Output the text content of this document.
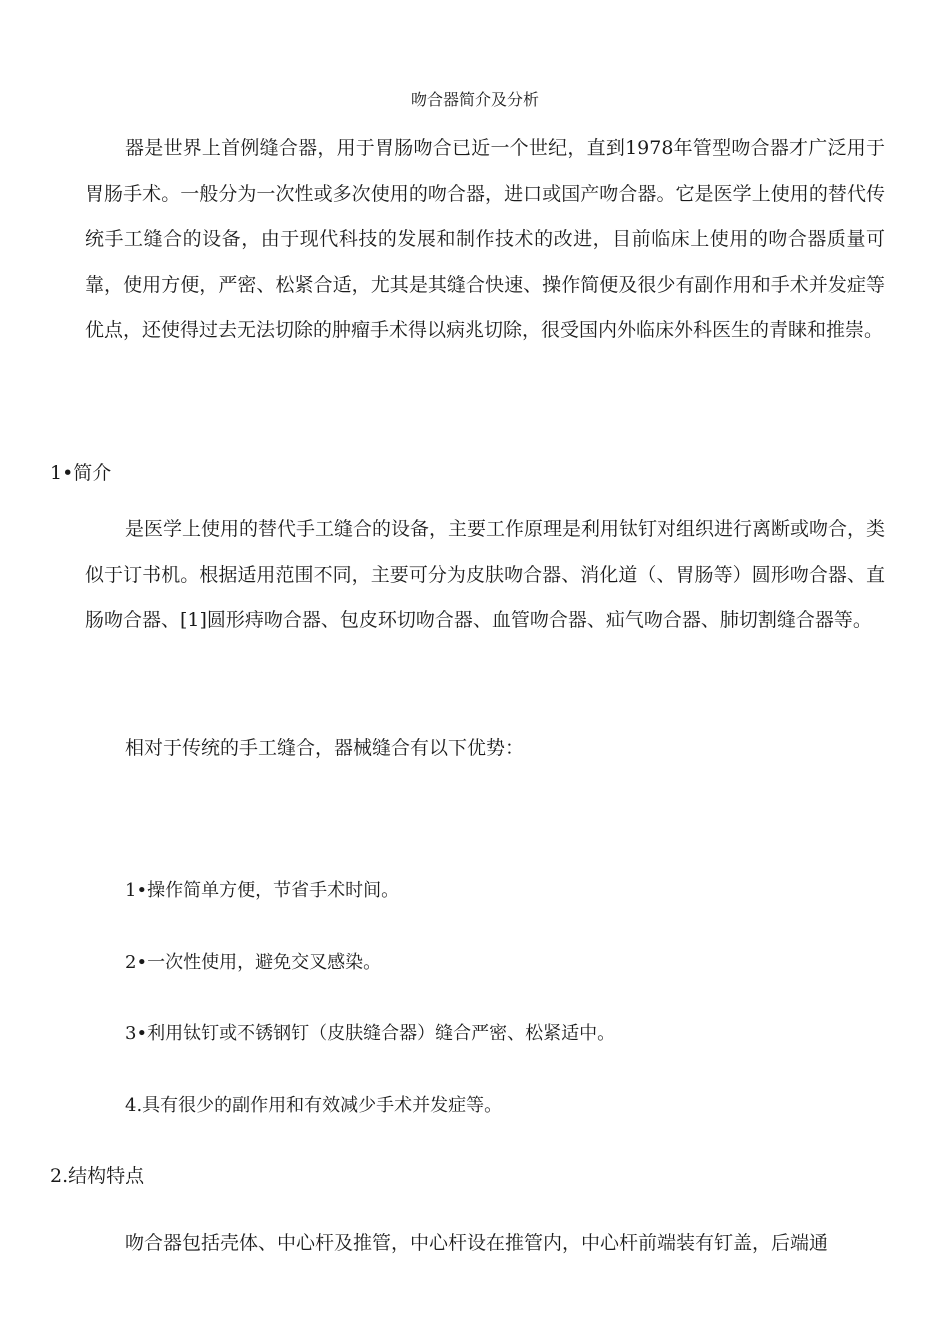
吻合器简介及分析

器是世界上首例缝合器，用于胃肠吻合已近一个世纪，直到1978年管型吻合器才广泛用于胃肠手术。一般分为一次性或多次使用的吻合器，进口或国产吻合器。它是医学上使用的替代传统手工缝合的设备，由于现代科技的发展和制作技术的改进，目前临床上使用的吻合器质量可靠，使用方便，严密、松紧合适，尤其是其缝合快速、操作简便及很少有副作用和手术并发症等优点，还使得过去无法切除的肿瘤手术得以病兆切除，很受国内外临床外科医生的青睐和推崇。

1•简介

是医学上使用的替代手工缝合的设备，主要工作原理是利用钛钉对组织进行离断或吻合，类似于订书机。根据适用范围不同，主要可分为皮肤吻合器、消化道（、胃肠等）圆形吻合器、直肠吻合器、[1]圆形痔吻合器、包皮环切吻合器、血管吻合器、疝气吻合器、肺切割缝合器等。

相对于传统的手工缝合，器械缝合有以下优势：

1•操作简单方便，节省手术时间。

2•一次性使用，避免交叉感染。

3•利用钛钉或不锈钢钉（皮肤缝合器）缝合严密、松紧适中。

4.具有很少的副作用和有效减少手术并发症等。

2.结构特点

吻合器包括壳体、中心杆及推管，中心杆设在推管内，中心杆前端装有钉盖，后端通
